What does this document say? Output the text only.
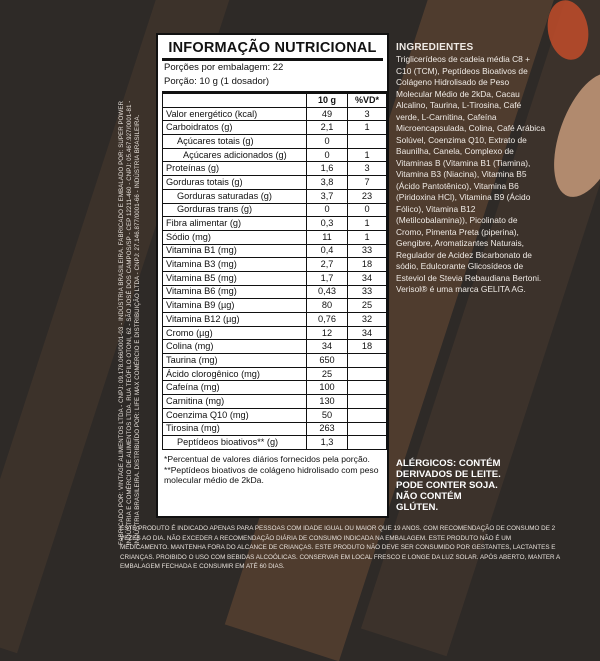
FABRICADO POR: VINTAGE ALIMENTOS LTDA - CNPJ: 09.178.066/0001-03 - INDÚSTRIA BRASILEIRA. FABRICADO E EMBALADO POR: SUPER POWER INDÚSTRIA E COMÉRCIO DE ALIMENTOS LTDA. RUA TEÓFILO OTONI, 62 - SÃO JOSÉ DOS CAMPOS/SP - CEP 12211-460 - CNPJ: 05.467.927/0001-81 - INDÚSTRIA BRASILEIRA. DISTRIBUÍDO POR: LIFE MAX COMÉRCIO E DISTRIBUIÇÃO LTDA - CNPJ: 27.146.877/0001-66 - INDÚSTRIA BRASILEIRA.
INFORMAÇÃO NUTRICIONAL
Porções por embalagem: 22
Porção: 10 g (1 dosador)
	10 g	%VD*
Valor energético (kcal)	49	3
Carboidratos (g)	2,1	1
Açúcares totais (g)	0	
Açúcares adicionados (g)	0	1
Proteínas (g)	1,6	3
Gorduras totais (g)	3,8	7
Gorduras saturadas (g)	3,7	23
Gorduras trans (g)	0	0
Fibra alimentar (g)	0,3	1
Sódio (mg)	11	1
Vitamina B1 (mg)	0,4	33
Vitamina B3 (mg)	2,7	18
Vitamina B5 (mg)	1,7	34
Vitamina B6 (mg)	0,43	33
Vitamina B9 (µg)	80	25
Vitamina B12 (µg)	0,76	32
Cromo (µg)	12	34
Colina (mg)	34	18
Taurina (mg)	650	
Ácido clorogênico (mg)	25	
Cafeína (mg)	100	
Carnitina (mg)	130	
Coenzima Q10 (mg)	50	
Tirosina (mg)	263	
Peptídeos bioativos** (g)	1,3	
*Percentual de valores diários fornecidos pela porção.
**Peptídeos bioativos de colágeno hidrolisado com peso molecular médio de 2kDa.
INGREDIENTES
Triglicerídeos de cadeia média C8 + C10 (TCM), Peptídeos Bioativos de Colágeno Hidrolisado de Peso Molecular Médio de 2kDa, Cacau Alcalino, Taurina, L-Tirosina, Café verde, L-Carnitina, Cafeína Microencapsulada, Colina, Café Arábica Solúvel, Coenzima Q10, Extrato de Baunilha, Canela, Complexo de Vitaminas B (Vitamina B1 (Tiamina), Vitamina B3 (Niacina), Vitamina B5 (Ácido Pantotênico), Vitamina B6 (Piridoxina HCl), Vitamina B9 (Ácido Fólico), Vitamina B12 (Metilcobalamina)), Picolinato de Cromo, Pimenta Preta (piperina), Gengibre, Aromatizantes Naturais, Regulador de Acidez Bicarbonato de sódio, Edulcorante Glicosídeos de Esteviol de Stevia Rebaudiana Bertoni. Verisol® é uma marca GELITA AG.
ALÉRGICOS: CONTÉM DERIVADOS DE LEITE. PODE CONTER SOJA. NÃO CONTÉM GLÚTEN.
ESTE PRODUTO É INDICADO APENAS PARA PESSOAS COM IDADE IGUAL OU MAIOR QUE 19 ANOS. COM RECOMENDAÇÃO DE CONSUMO DE 2 VEZES AO DIA. NÃO EXCEDER A RECOMENDAÇÃO DIÁRIA DE CONSUMO INDICADA NA EMBALAGEM. ESTE PRODUTO NÃO É UM MEDICAMENTO. MANTENHA FORA DO ALCANCE DE CRIANÇAS. ESTE PRODUTO NÃO DEVE SER CONSUMIDO POR GESTANTES, LACTANTES E CRIANÇAS. PROIBIDO O USO COM BEBIDAS ALCOÓLICAS. CONSERVAR EM LOCAL FRESCO E LONGE DA LUZ SOLAR. APÓS ABERTO, MANTER A EMBALAGEM FECHADA E CONSUMIR EM ATÉ 60 DIAS.
